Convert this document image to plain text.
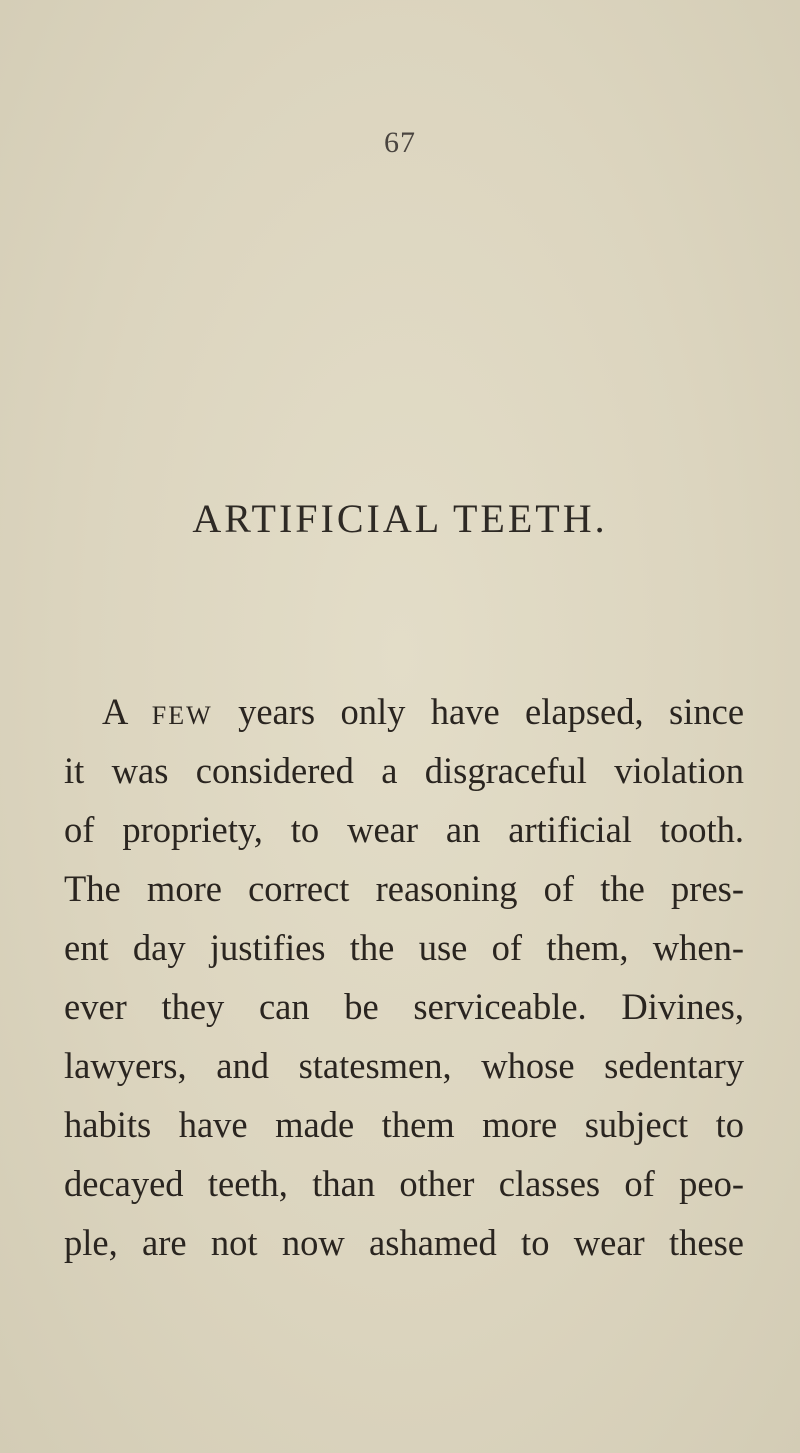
67
ARTIFICIAL TEETH.
A few years only have elapsed, since
it was considered a disgraceful violation
of propriety, to wear an artificial tooth.
The more correct reasoning of the pres-
ent day justifies the use of them, when-
ever they can be serviceable. Divines,
lawyers, and statesmen, whose sedentary
habits have made them more subject to
decayed teeth, than other classes of peo-
ple, are not now ashamed to wear these
